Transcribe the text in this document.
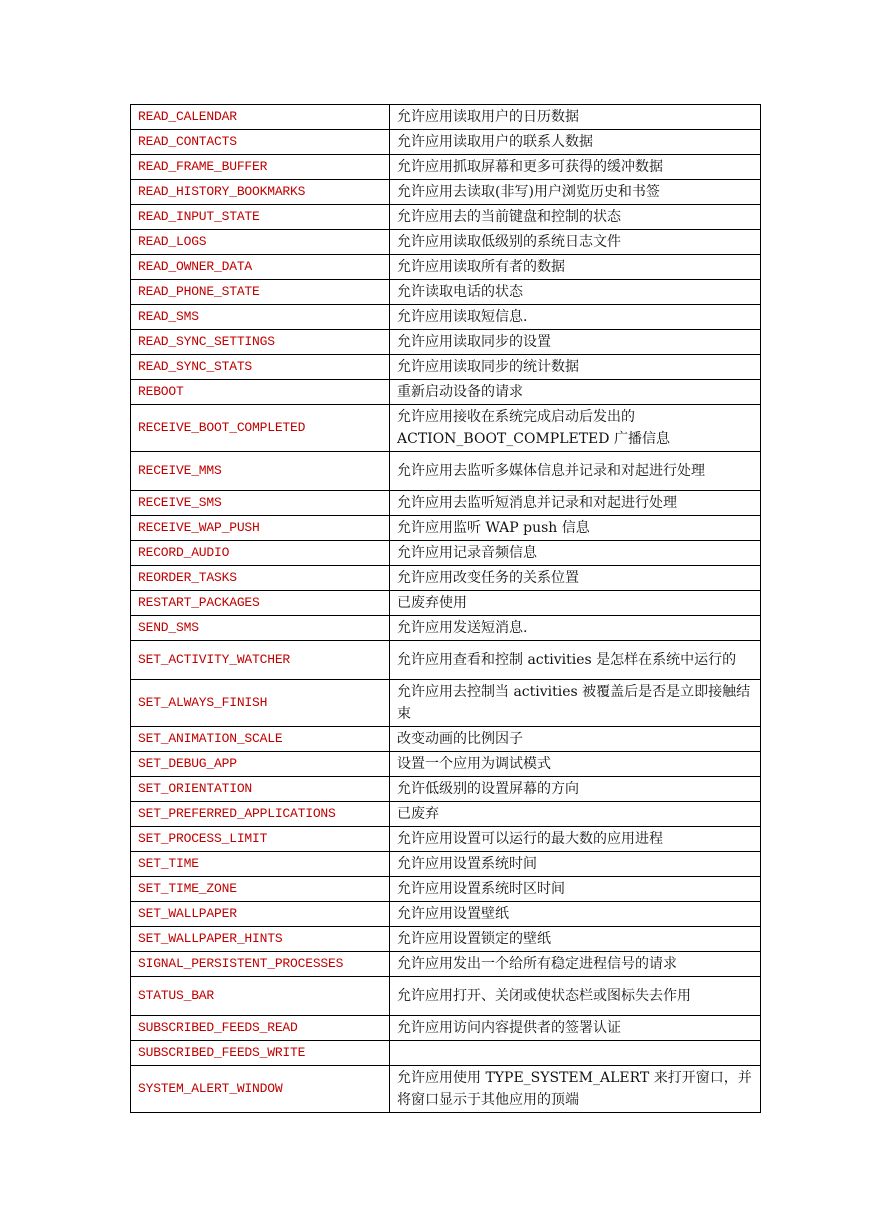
READ_CALENDAR	允许应用读取用户的日历数据
READ_CONTACTS	允许应用读取用户的联系人数据
READ_FRAME_BUFFER	允许应用抓取屏幕和更多可获得的缓冲数据
READ_HISTORY_BOOKMARKS	允许应用去读取(非写)用户浏览历史和书签
READ_INPUT_STATE	允许应用去的当前键盘和控制的状态
READ_LOGS	允许应用读取低级别的系统日志文件
READ_OWNER_DATA	允许应用读取所有者的数据
READ_PHONE_STATE	允许读取电话的状态
READ_SMS	允许应用读取短信息.
READ_SYNC_SETTINGS	允许应用读取同步的设置
READ_SYNC_STATS	允许应用读取同步的统计数据
REBOOT	重新启动设备的请求
RECEIVE_BOOT_COMPLETED	允许应用接收在系统完成启动后发出的ACTION_BOOT_COMPLETED 广播信息
RECEIVE_MMS	允许应用去监听多媒体信息并记录和对起进行处理
RECEIVE_SMS	允许应用去监听短消息并记录和对起进行处理
RECEIVE_WAP_PUSH	允许应用监听 WAP push 信息
RECORD_AUDIO	允许应用记录音频信息
REORDER_TASKS	允许应用改变任务的关系位置
RESTART_PACKAGES	已废弃使用
SEND_SMS	允许应用发送短消息.
SET_ACTIVITY_WATCHER	允许应用查看和控制 activities 是怎样在系统中运行的
SET_ALWAYS_FINISH	允许应用去控制当 activities 被覆盖后是否是立即接触结束
SET_ANIMATION_SCALE	改变动画的比例因子
SET_DEBUG_APP	设置一个应用为调试模式
SET_ORIENTATION	允许低级别的设置屏幕的方向
SET_PREFERRED_APPLICATIONS	已废弃
SET_PROCESS_LIMIT	允许应用设置可以运行的最大数的应用进程
SET_TIME	允许应用设置系统时间
SET_TIME_ZONE	允许应用设置系统时区时间
SET_WALLPAPER	允许应用设置壁纸
SET_WALLPAPER_HINTS	允许应用设置锁定的壁纸
SIGNAL_PERSISTENT_PROCESSES	允许应用发出一个给所有稳定进程信号的请求
STATUS_BAR	允许应用打开、关闭或使状态栏或图标失去作用
SUBSCRIBED_FEEDS_READ	允许应用访问内容提供者的签署认证
SUBSCRIBED_FEEDS_WRITE	
SYSTEM_ALERT_WINDOW	允许应用使用 TYPE_SYSTEM_ALERT 来打开窗口，并将窗口显示于其他应用的顶端
